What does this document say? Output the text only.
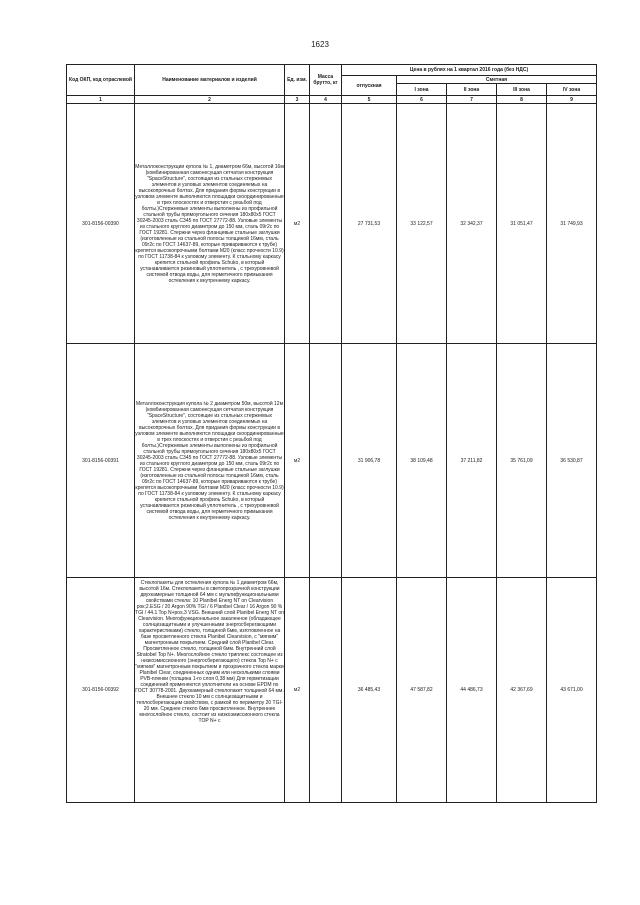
1623
Код ОКП, код отраслевой	Наименование материалов и изделий	Ед. изм.	Масса брутто, кг	Цена в рублях на 1 квартал 2016 года (без НДС)				
				отпускная	Сметная			
					I зона	II зона	III зона	IV зона
1	2	3	4	5	6	7	8	9
301-8156-00390	Металлоконструкции купола № 1, диаметром 66м, высотой 16м (комбинированная самонесущая сетчатая конструкция "SpaceStructure", состоящая из стальных стержневых элементов и узловых элементов соединяемых на высокопрочных болтах. Для придания формы конструкции в узловом элементе выполняются площадки скоординированные в трех плоскостях и отверстия с резьбой под болты.)Стержневые элементы выполнены из профильной стальной трубы прямоугольного сечения 180х80х5 ГОСТ 30245-2003 сталь С345 по ГОСТ 27772-88. Узловые элементы из стального круглого диаметром до 150 мм, сталь 09г2с по ГОСТ 19281. Стержни через фланцевые стальные заглушки (изготовленные из стальной полосы толщиной 16мм, сталь 09г2с по ГОСТ 14637-89, которые привариваются к трубе) крепятся высокопрочными болтами М20 (класс прочности 10.9) по ГОСТ 11738-84 к узловому элементу. К стальному каркасу крепится стальной профиль Schuko, в который устанавливается резиновый уплотнитель , с трехуровневой системой отвода воды, для герметичного примыкания остекления к внутреннему каркасу.	м2		27 731,53	33 122,57	32 342,37	31 051,47	31 749,93
301-8156-00391	Металлоконструкция купола № 2 диаметром 50м, высотой 12м (комбинированная самонесущая сетчатая конструкция "SpaceStructure", состоящие из стальных стержневых элементов и узловых элементов соединяемых на высокопрочных болтах. Для придания формы конструкции в узловом элементе выполняются площадки скоординированные в трех плоскостях и отверстия с резьбой под болты.)Стержневые элементы выполнены из профильной стальной трубы прямоугольного сечения 180х80х5 ГОСТ 30245-2003 сталь С345 по ГОСТ 27772-88. Узловые элементы из стального круглого диаметром до 150 мм, сталь 09г2с по ГОСТ 19281. Стержни через фланцевые стальные заглушки (изготовленные из стальной полосы толщиной 16мм, сталь 09г2с по ГОСТ 14637-89, которые привариваются к трубе) крепятся высокопрочными болтами М20 (класс прочности 10.9) по ГОСТ 11738-84 к узловому элементу. К стальному каркасу крепится стальной профиль Schuko, в который устанавливается резиновый уплотнитель , с трехуровневой системой отвода воды, для герметичного примыкания остекления к внутреннему каркасу.	м2		31 906,78	38 109,48	37 211,82	35 761,09	36 530,87
301-8156-00392	Стеклопакеты для остекления купола № 1 диаметром 66м, высотой 16м. Стеклопакеты в светопрозрачной конструкции двухкамерные толщиной 64 мм с мультифункциональными свойствами стекла: 10 Planibel Energ NT on Clearvision рок;2.ESG / 20 Argon 90% TGI / 6 Planibel Clear / 16 Argon 90 % TGI / 44.1 Top N+pos.3 VSG. Внешний слой Planibel Energ NT on Clearvision. Многофункциональное закаленное (обладающее солнцезащитными и улучшенными энергосберегающими характеристиками) стекло, толщиной 6мм, изготовленное на базе просветленного стекла Planibel Clearvision, с "мягким" магнетронным покрытием. Средний слой Planibel Clear. Просветленное стекло, толщиной 6мм. Внутренний слой Stratobel Top N+. Многослойное стекло триплекс состоящее из низкоэмиссионного (энергосберегающего) стекла Top N+ с "мягким" магнетронным покрытием и прозрачного стекла марки Planibel Clear, соединенных одним или несколькими слоями PVB-пленки (толщина 1-го слоя 0,38 мм) Для герметизации соединений применяются уплотнители на основе EPDM по ГОСТ 30778-2001. Двухкамерный стеклопакет толщиной 64 мм. Внешнее стекло 10 мм с солнцезащитными и теплосберегающим свойством, с рамкой по периметру 20 TGI-20 мм. Среднее стекло 6мм просветленное. Внутреннее многослойное стекло, состоит из низкоэмиссионного стекла TOP N+ с	м2		36 485,43	47 587,82	44 486,73	42 367,69	43 671,00
